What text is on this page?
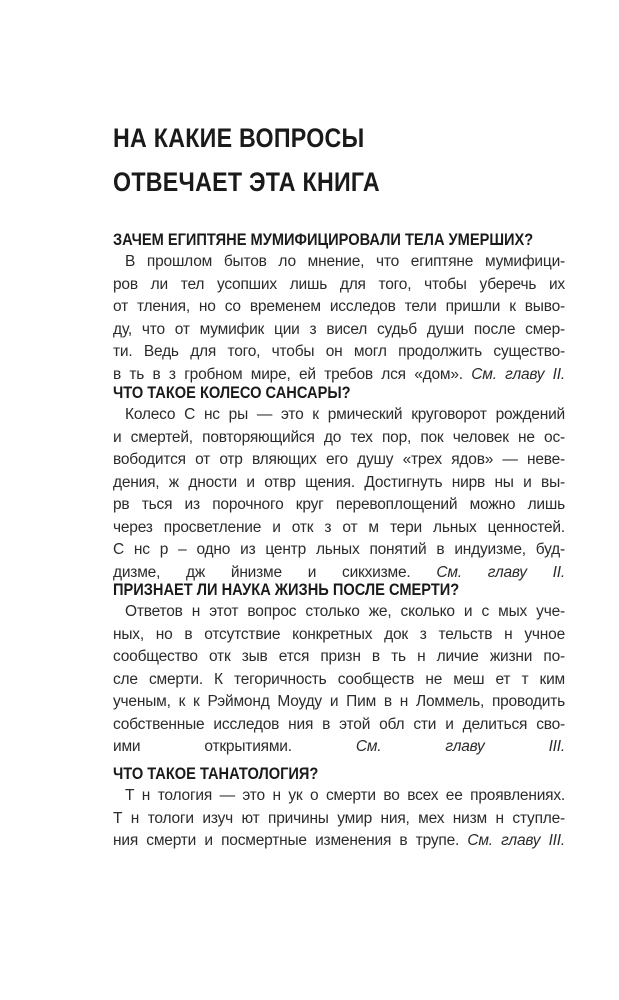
НА КАКИЕ ВОПРОСЫ
ОТВЕЧАЕТ ЭТА КНИГА
ЗАЧЕМ ЕГИПТЯНЕ МУМИФИЦИРОВАЛИ ТЕЛА УМЕРШИХ?
В прошлом бытов ло мнение, что египтяне мумифици-
ров ли тел усопших лишь для того, чтобы уберечь их
от тления, но со временем исследов тели пришли к выво-
ду, что от мумифик ции з висел судьб души после смер-
ти. Ведь для того, чтобы он могл продолжить существо-
в ть в з гробном мире, ей требов лся «дом». См. главу II.
ЧТО ТАКОЕ КОЛЕСО САНСАРЫ?
Колесо С нс ры — это к рмический круговорот рождений
и смертей, повторяющийся до тех пор, пок человек не ос-
вободится от отр вляющих его душу «трех ядов» — неве-
дения, ж дности и отвр щения. Достигнуть нирв ны и вы-
рв ться из порочного круг перевоплощений можно лишь
через просветление и отк з от м тери льных ценностей.
С нс р – одно из центр льных понятий в индуизме, буд-
дизме, дж йнизме и сикхизме. См. главу II.
ПРИЗНАЕТ ЛИ НАУКА ЖИЗНЬ ПОСЛЕ СМЕРТИ?
Ответов н этот вопрос столько же, сколько и с мых уче-
ных, но в отсутствие конкретных док з тельств н учное
сообщество отк зыв ется призн в ть н личие жизни по-
сле смерти. К тегоричность сообществ не меш ет т ким
ученым, к к Рэймонд Моуду и Пим в н Ломмель, проводить
собственные исследов ния в этой обл сти и делиться сво-
ими открытиями.	См. главу III.
ЧТО ТАКОЕ ТАНАТОЛОГИЯ?
Т н тология — это н ук о смерти во всех ее проявлениях.
Т н тологи изуч ют причины умир ния, мех низм н ступле-
ния смерти и посмертные изменения в трупе. См. главу III.
